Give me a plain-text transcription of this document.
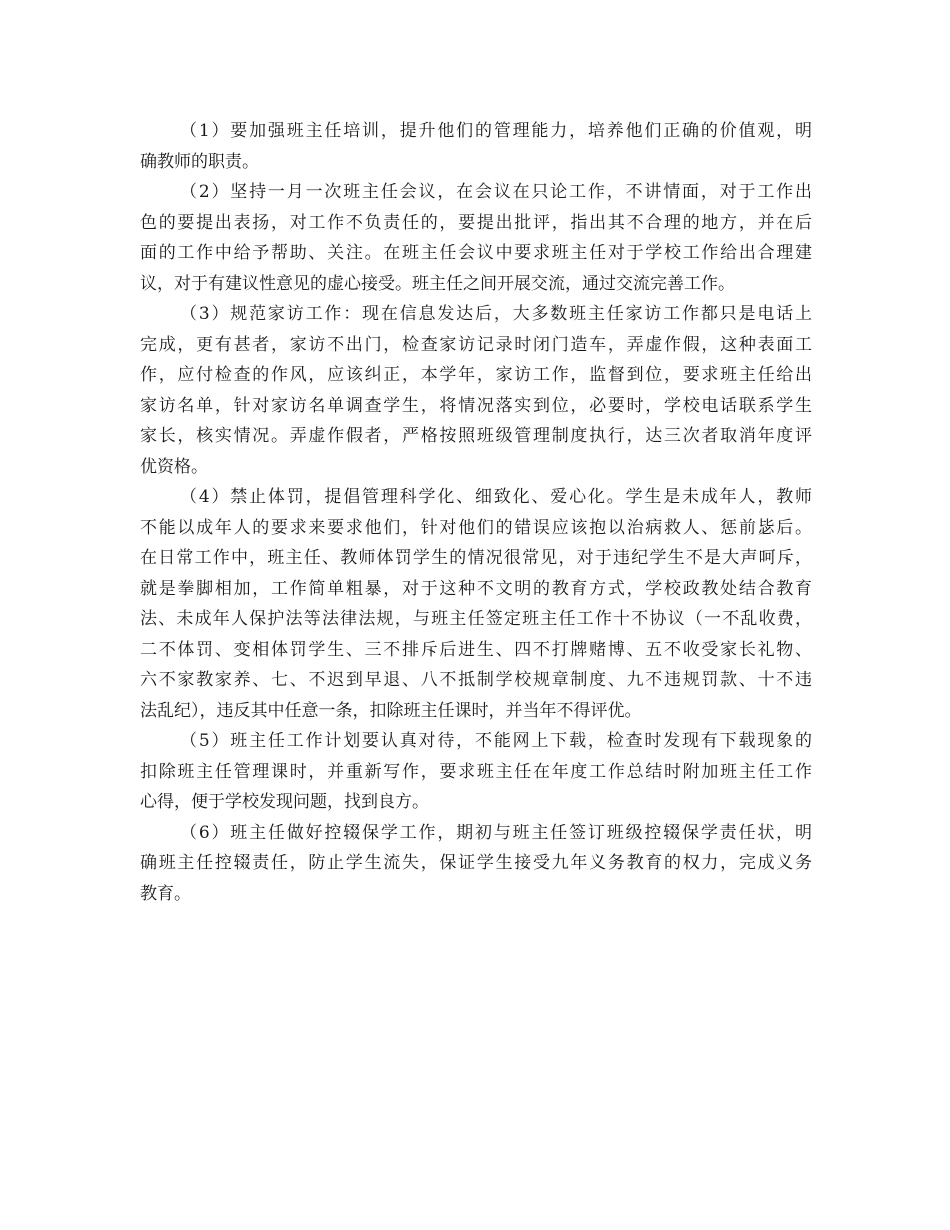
（1）要加强班主任培训，提升他们的管理能力，培养他们正确的价值观，明
确教师的职责。

（2）坚持一月一次班主任会议，在会议在只论工作，不讲情面，对于工作出
色的要提出表扬，对工作不负责任的，要提出批评，指出其不合理的地方，并在后
面的工作中给予帮助、关注。在班主任会议中要求班主任对于学校工作给出合理建
议，对于有建议性意见的虚心接受。班主任之间开展交流，通过交流完善工作。

（3）规范家访工作：现在信息发达后，大多数班主任家访工作都只是电话上
完成，更有甚者，家访不出门，检查家访记录时闭门造车，弄虚作假，这种表面工
作，应付检查的作风，应该纠正，本学年，家访工作，监督到位，要求班主任给出
家访名单，针对家访名单调查学生，将情况落实到位，必要时，学校电话联系学生
家长，核实情况。弄虚作假者，严格按照班级管理制度执行，达三次者取消年度评
优资格。

（4）禁止体罚，提倡管理科学化、细致化、爱心化。学生是未成年人，教师
不能以成年人的要求来要求他们，针对他们的错误应该抱以治病救人、惩前毖后。
在日常工作中，班主任、教师体罚学生的情况很常见，对于违纪学生不是大声呵斥，
就是拳脚相加，工作简单粗暴，对于这种不文明的教育方式，学校政教处结合教育
法、未成年人保护法等法律法规，与班主任签定班主任工作十不协议（一不乱收费，
二不体罚、变相体罚学生、三不排斥后进生、四不打牌赌博、五不收受家长礼物、
六不家教家养、七、不迟到早退、八不抵制学校规章制度、九不违规罚款、十不违
法乱纪），违反其中任意一条，扣除班主任课时，并当年不得评优。

（5）班主任工作计划要认真对待，不能网上下载，检查时发现有下载现象的
扣除班主任管理课时，并重新写作，要求班主任在年度工作总结时附加班主任工作
心得，便于学校发现问题，找到良方。

（6）班主任做好控辍保学工作，期初与班主任签订班级控辍保学责任状，明
确班主任控辍责任，防止学生流失，保证学生接受九年义务教育的权力，完成义务
教育。
